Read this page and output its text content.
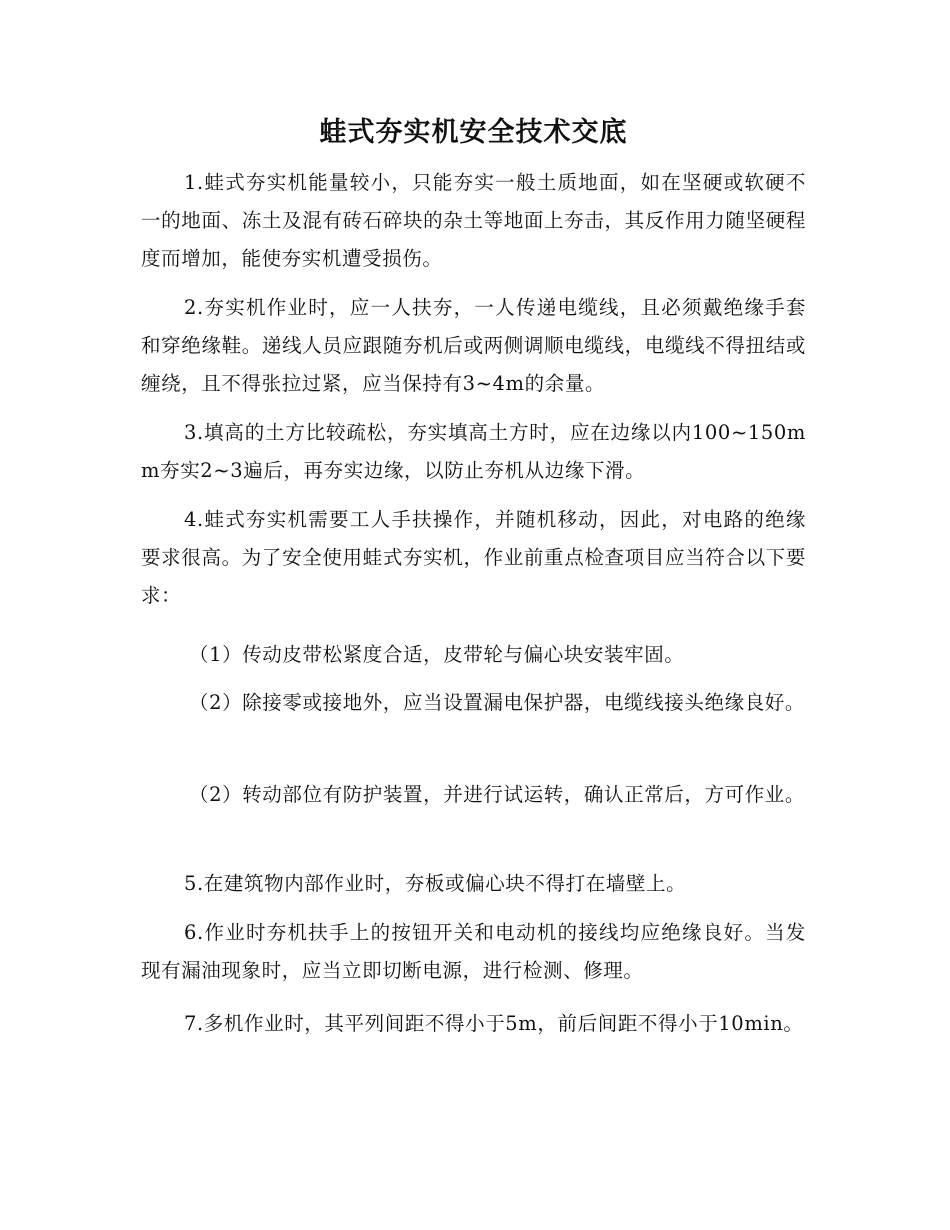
蛙式夯实机安全技术交底

1.蛙式夯实机能量较小，只能夯实一般土质地面，如在坚硬或软硬不一的地面、冻土及混有砖石碎块的杂土等地面上夯击，其反作用力随坚硬程度而增加，能使夯实机遭受损伤。

2.夯实机作业时，应一人扶夯，一人传递电缆线，且必须戴绝缘手套和穿绝缘鞋。递线人员应跟随夯机后或两侧调顺电缆线，电缆线不得扭结或缠绕，且不得张拉过紧，应当保持有3~4m的余量。

3.填高的土方比较疏松，夯实填高土方时，应在边缘以内100~150mm夯实2~3遍后，再夯实边缘，以防止夯机从边缘下滑。

4.蛙式夯实机需要工人手扶操作，并随机移动，因此，对电路的绝缘要求很高。为了安全使用蛙式夯实机，作业前重点检查项目应当符合以下要求：

（1）传动皮带松紧度合适，皮带轮与偏心块安装牢固。

（2）除接零或接地外，应当设置漏电保护器，电缆线接头绝缘良好。

（2）转动部位有防护装置，并进行试运转，确认正常后，方可作业。

5.在建筑物内部作业时，夯板或偏心块不得打在墙壁上。

6.作业时夯机扶手上的按钮开关和电动机的接线均应绝缘良好。当发现有漏油现象时，应当立即切断电源，进行检测、修理。

7.多机作业时，其平列间距不得小于5m，前后间距不得小于10min。
